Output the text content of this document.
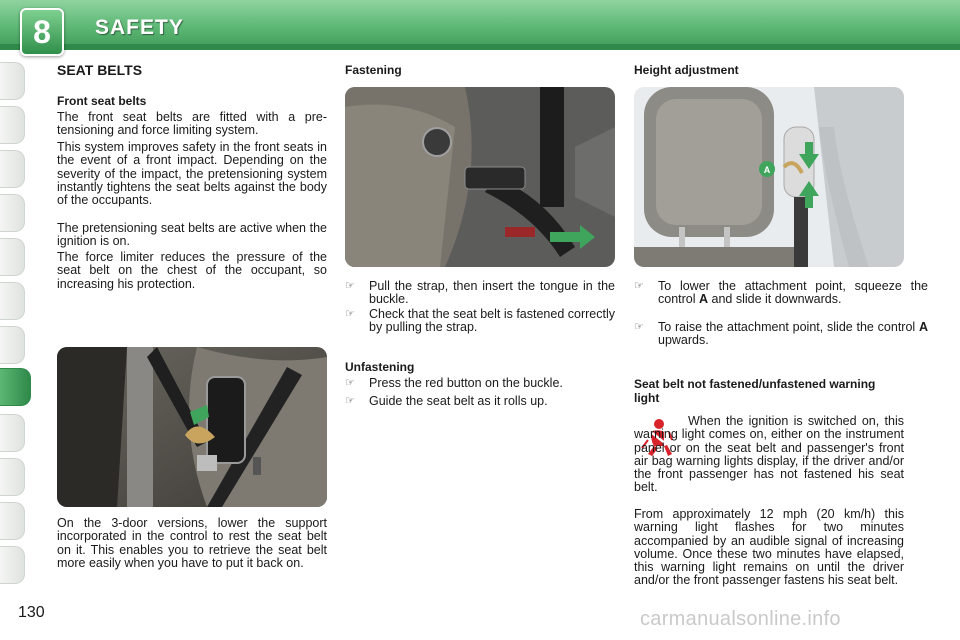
8	SAFETY
SEAT BELTS
Front seat belts
The front seat belts are fitted with a pre-tensioning and force limiting system.
This system improves safety in the front seats in the event of a front impact. Depending on the severity of the impact, the pretensioning system instantly tightens the seat belts against the body of the occupants.
The pretensioning seat belts are active when the ignition is on.
The force limiter reduces the pressure of the seat belt on the chest of the occupant, so increasing his protection.
On the 3-door versions, lower the support incorporated in the control to rest the seat belt on it. This enables you to retrieve the seat belt more easily when you have to put it back on.
Fastening
☞ Pull the strap, then insert the tongue in the buckle.
☞ Check that the seat belt is fastened correctly by pulling the strap.
Unfastening
☞ Press the red button on the buckle.
☞ Guide the seat belt as it rolls up.
Height adjustment
A
☞ To lower the attachment point, squeeze the control A and slide it downwards.
☞ To raise the attachment point, slide the control A upwards.
Seat belt not fastened/unfastened warning light
When the ignition is switched on, this warning light comes on, either on the instrument panel or on the seat belt and passenger's front air bag warning lights display, if the driver and/or the front passenger has not fastened his seat belt.
From approximately 12 mph (20 km/h) this warning light flashes for two minutes accompanied by an audible signal of increasing volume. Once these two minutes have elapsed, this warning light remains on until the driver and/or the front passenger fastens his seat belt.
130	carmanualsonline.info
